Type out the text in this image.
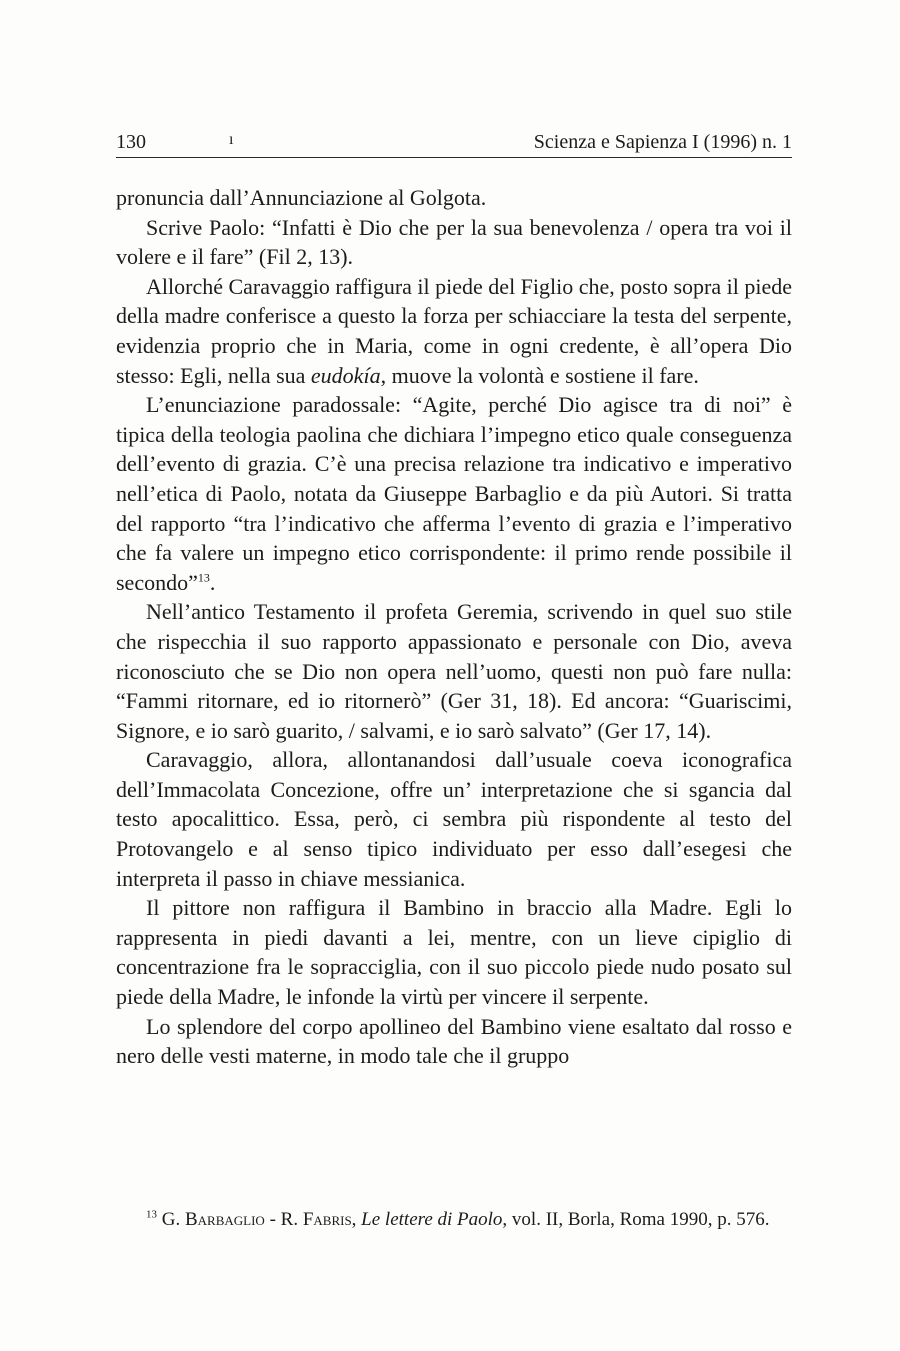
130	ı	Scienza e Sapienza I (1996) n. 1

pronuncia dall’Annunciazione al Golgota.

Scrive Paolo: “Infatti è Dio che per la sua benevolenza / opera tra voi il volere e il fare” (Fil 2, 13).

Allorché Caravaggio raffigura il piede del Figlio che, posto sopra il piede della madre conferisce a questo la forza per schiacciare la testa del serpente, evidenzia proprio che in Maria, come in ogni credente, è all’opera Dio stesso: Egli, nella sua eudokía, muove la volontà e sostiene il fare.

L’enunciazione paradossale: “Agite, perché Dio agisce tra di noi” è tipica della teologia paolina che dichiara l’impegno etico quale conseguenza dell’evento di grazia. C’è una precisa relazione tra indicativo e imperativo nell’etica di Paolo, notata da Giuseppe Barbaglio e da più Autori. Si tratta del rapporto “tra l’indicativo che afferma l’evento di grazia e l’imperativo che fa valere un impegno etico corrispondente: il primo rende possibile il secondo”$^{13}$.

Nell’antico Testamento il profeta Geremia, scrivendo in quel suo stile che rispecchia il suo rapporto appassionato e personale con Dio, aveva riconosciuto che se Dio non opera nell’uomo, questi non può fare nulla: “Fammi ritornare, ed io ritornerò” (Ger 31, 18). Ed ancora: “Guariscimi, Signore, e io sarò guarito, / salvami, e io sarò salvato” (Ger 17, 14).

Caravaggio, allora, allontanandosi dall’usuale coeva iconografica dell’Immacolata Concezione, offre un’ interpretazione che si sgancia dal testo apocalittico. Essa, però, ci sembra più rispondente al testo del Protovangelo e al senso tipico individuato per esso dall’esegesi che interpreta il passo in chiave messianica.

Il pittore non raffigura il Bambino in braccio alla Madre. Egli lo rappresenta in piedi davanti a lei, mentre, con un lieve cipiglio di concentrazione fra le sopracciglia, con il suo piccolo piede nudo posato sul piede della Madre, le infonde la virtù per vincere il serpente.

Lo splendore del corpo apollineo del Bambino viene esaltato dal rosso e nero delle vesti materne, in modo tale che il gruppo

$^{13}$ G. Barbaglio - R. Fabris, Le lettere di Paolo, vol. II, Borla, Roma 1990, p. 576.
